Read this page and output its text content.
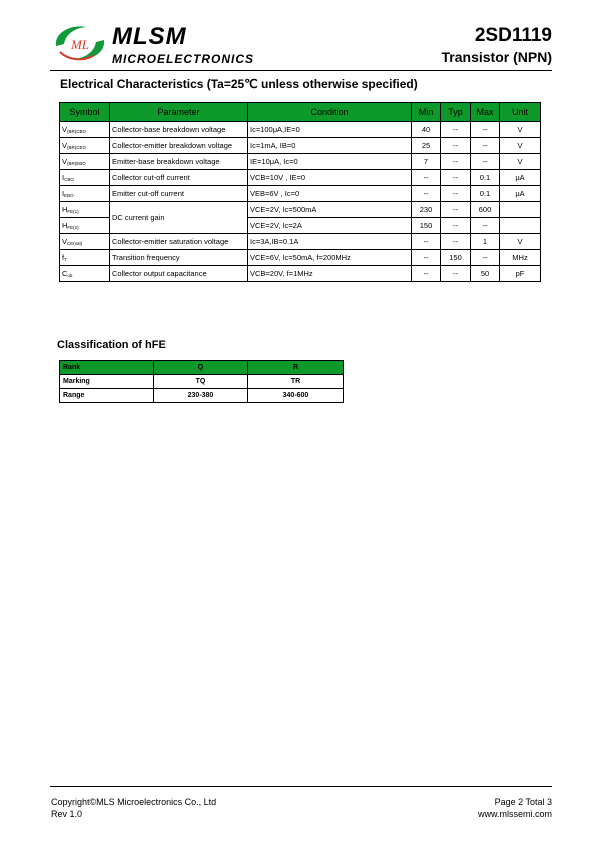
ML MLSM
MICROELECTRONICS
2SD1119
Transistor (NPN)
Electrical Characteristics (Ta=25℃ unless otherwise specified)
Symbol	Parameter	Condition	Min	Typ	Max	Unit
$V_{(BR)CBO}$	Collector-base breakdown voltage	Ic=100μA,IE=0	40	--	--	V
$V_{(BR)CEO}$	Collector-emitter breakdown voltage	Ic=1mA, IB=0	25	--	--	V
$V_{(BR)EBO}$	Emitter-base breakdown voltage	IE=10μA, Ic=0	7	--	--	V
$I_{CBO}$	Collector cut-off current	VCB=10V , IE=0	--	--	0.1	μA
$I_{EBO}$	Emitter cut-off current	VEB=6V , Ic=0	--	--	0.1	μA
$H_{FE(1)}$	DC current gain	VCE=2V, Ic=500mA	230	--	600	
$H_{FE(2)}$		VCE=2V, Ic=2A	150	--	--	
$V_{CE(sat)}$	Collector-emitter saturation voltage	Ic=3A,IB=0.1A	--	--	1	V
$f_T$	Transition frequency	VCE=6V, Ic=50mA, f=200MHz	--	150	--	MHz
$C_{ob}$	Collector output capacitance	VCB=20V, f=1MHz	--	--	50	pF
Classification of hFE
Rank	Q	R
Marking	TQ	TR
Range	230-380	340-600
Copyright©MLS Microelectronics Co., Ltd
Rev 1.0
Page 2 Total 3
www.mlssemi.com
